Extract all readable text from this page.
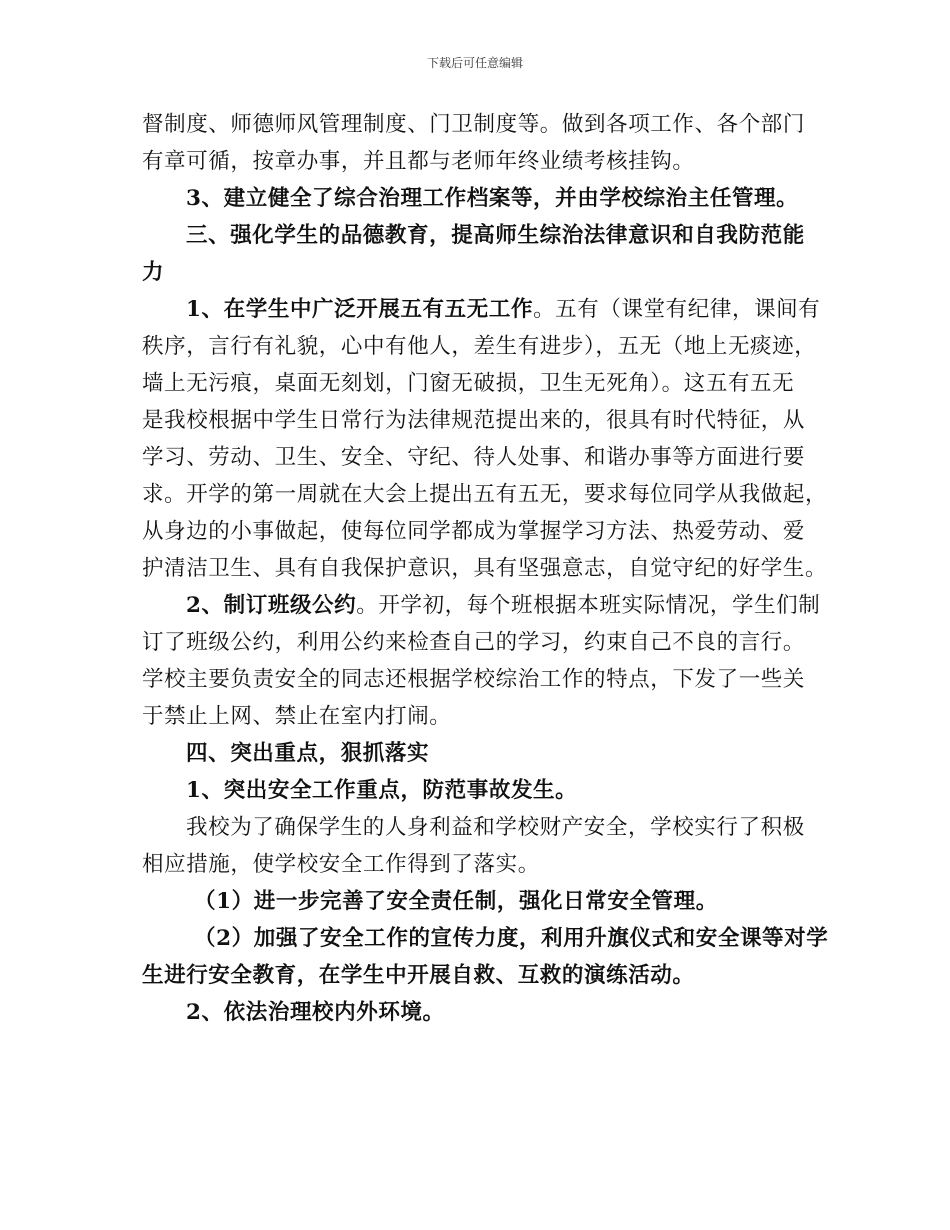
下载后可任意编辑
督制度、师德师风管理制度、门卫制度等。做到各项工作、各个部门
有章可循，按章办事，并且都与老师年终业绩考核挂钩。
3、建立健全了综合治理工作档案等，并由学校综治主任管理。
三、强化学生的品德教育，提高师生综治法律意识和自我防范能
力
1、在学生中广泛开展五有五无工作。五有（课堂有纪律，课间有
秩序，言行有礼貌，心中有他人，差生有进步），五无（地上无痰迹，
墙上无污痕，桌面无刻划，门窗无破损，卫生无死角）。这五有五无
是我校根据中学生日常行为法律规范提出来的，很具有时代特征，从
学习、劳动、卫生、安全、守纪、待人处事、和谐办事等方面进行要
求。开学的第一周就在大会上提出五有五无，要求每位同学从我做起，
从身边的小事做起，使每位同学都成为掌握学习方法、热爱劳动、爱
护清洁卫生、具有自我保护意识，具有坚强意志，自觉守纪的好学生。
2、制订班级公约。开学初，每个班根据本班实际情况，学生们制
订了班级公约，利用公约来检查自己的学习，约束自己不良的言行。
学校主要负责安全的同志还根据学校综治工作的特点，下发了一些关
于禁止上网、禁止在室内打闹。
四、突出重点，狠抓落实
1、突出安全工作重点，防范事故发生。
我校为了确保学生的人身利益和学校财产安全，学校实行了积极
相应措施，使学校安全工作得到了落实。
（1）进一步完善了安全责任制，强化日常安全管理。
（2）加强了安全工作的宣传力度，利用升旗仪式和安全课等对学
生进行安全教育，在学生中开展自救、互救的演练活动。
2、依法治理校内外环境。
